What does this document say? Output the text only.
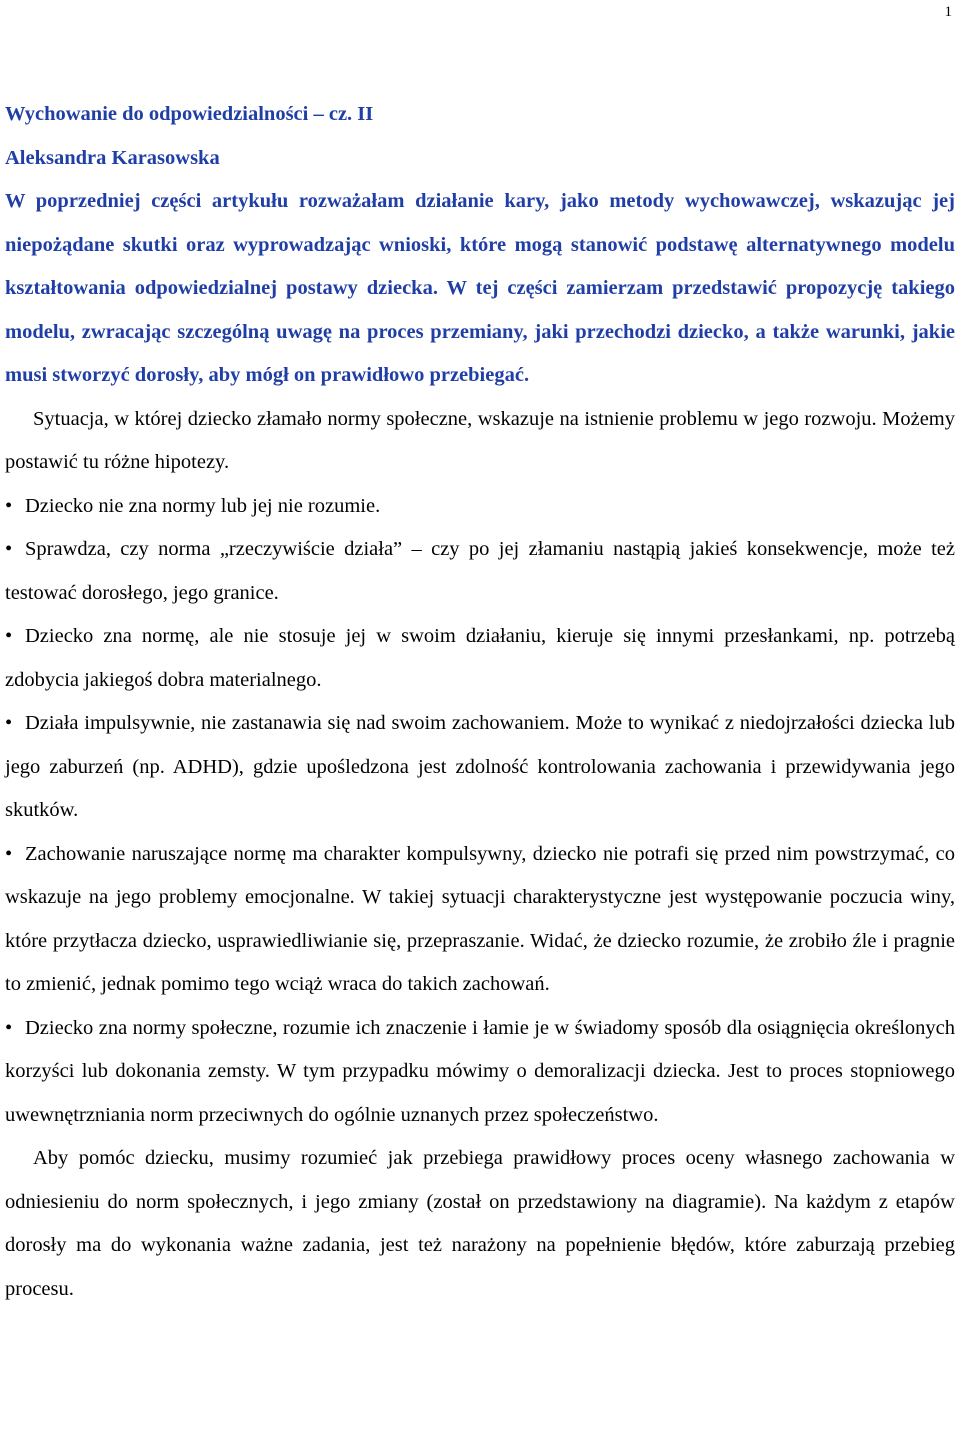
1

Wychowanie do odpowiedzialności – cz. II

Aleksandra Karasowska

W poprzedniej części artykułu rozważałam działanie kary, jako metody wychowawczej, wskazując jej niepożądane skutki oraz wyprowadzając wnioski, które mogą stanowić podstawę alternatywnego modelu kształtowania odpowiedzialnej postawy dziecka. W tej części zamierzam przedstawić propozycję takiego modelu, zwracając szczególną uwagę na proces przemiany, jaki przechodzi dziecko, a także warunki, jakie musi stworzyć dorosły, aby mógł on prawidłowo przebiegać.

Sytuacja, w której dziecko złamało normy społeczne, wskazuje na istnienie problemu w jego rozwoju. Możemy postawić tu różne hipotezy.

• Dziecko nie zna normy lub jej nie rozumie.

• Sprawdza, czy norma „rzeczywiście działa” – czy po jej złamaniu nastąpią jakieś konsekwencje, może też testować dorosłego, jego granice.

• Dziecko zna normę, ale nie stosuje jej w swoim działaniu, kieruje się innymi przesłankami, np. potrzebą zdobycia jakiegoś dobra materialnego.

• Działa impulsywnie, nie zastanawia się nad swoim zachowaniem. Może to wynikać z niedojrzałości dziecka lub jego zaburzeń (np. ADHD), gdzie upośledzona jest zdolność kontrolowania zachowania i przewidywania jego skutków.

• Zachowanie naruszające normę ma charakter kompulsywny, dziecko nie potrafi się przed nim powstrzymać, co wskazuje na jego problemy emocjonalne. W takiej sytuacji charakterystyczne jest występowanie poczucia winy, które przytłacza dziecko, usprawiedliwianie się, przepraszanie. Widać, że dziecko rozumie, że zrobiło źle i pragnie to zmienić, jednak pomimo tego wciąż wraca do takich zachowań.

• Dziecko zna normy społeczne, rozumie ich znaczenie i łamie je w świadomy sposób dla osiągnięcia określonych korzyści lub dokonania zemsty. W tym przypadku mówimy o demoralizacji dziecka. Jest to proces stopniowego uwewnętrzniania norm przeciwnych do ogólnie uznanych przez społeczeństwo.

Aby pomóc dziecku, musimy rozumieć jak przebiega prawidłowy proces oceny własnego zachowania w odniesieniu do norm społecznych, i jego zmiany (został on przedstawiony na diagramie). Na każdym z etapów dorosły ma do wykonania ważne zadania, jest też narażony na popełnienie błędów, które zaburzają przebieg procesu.
